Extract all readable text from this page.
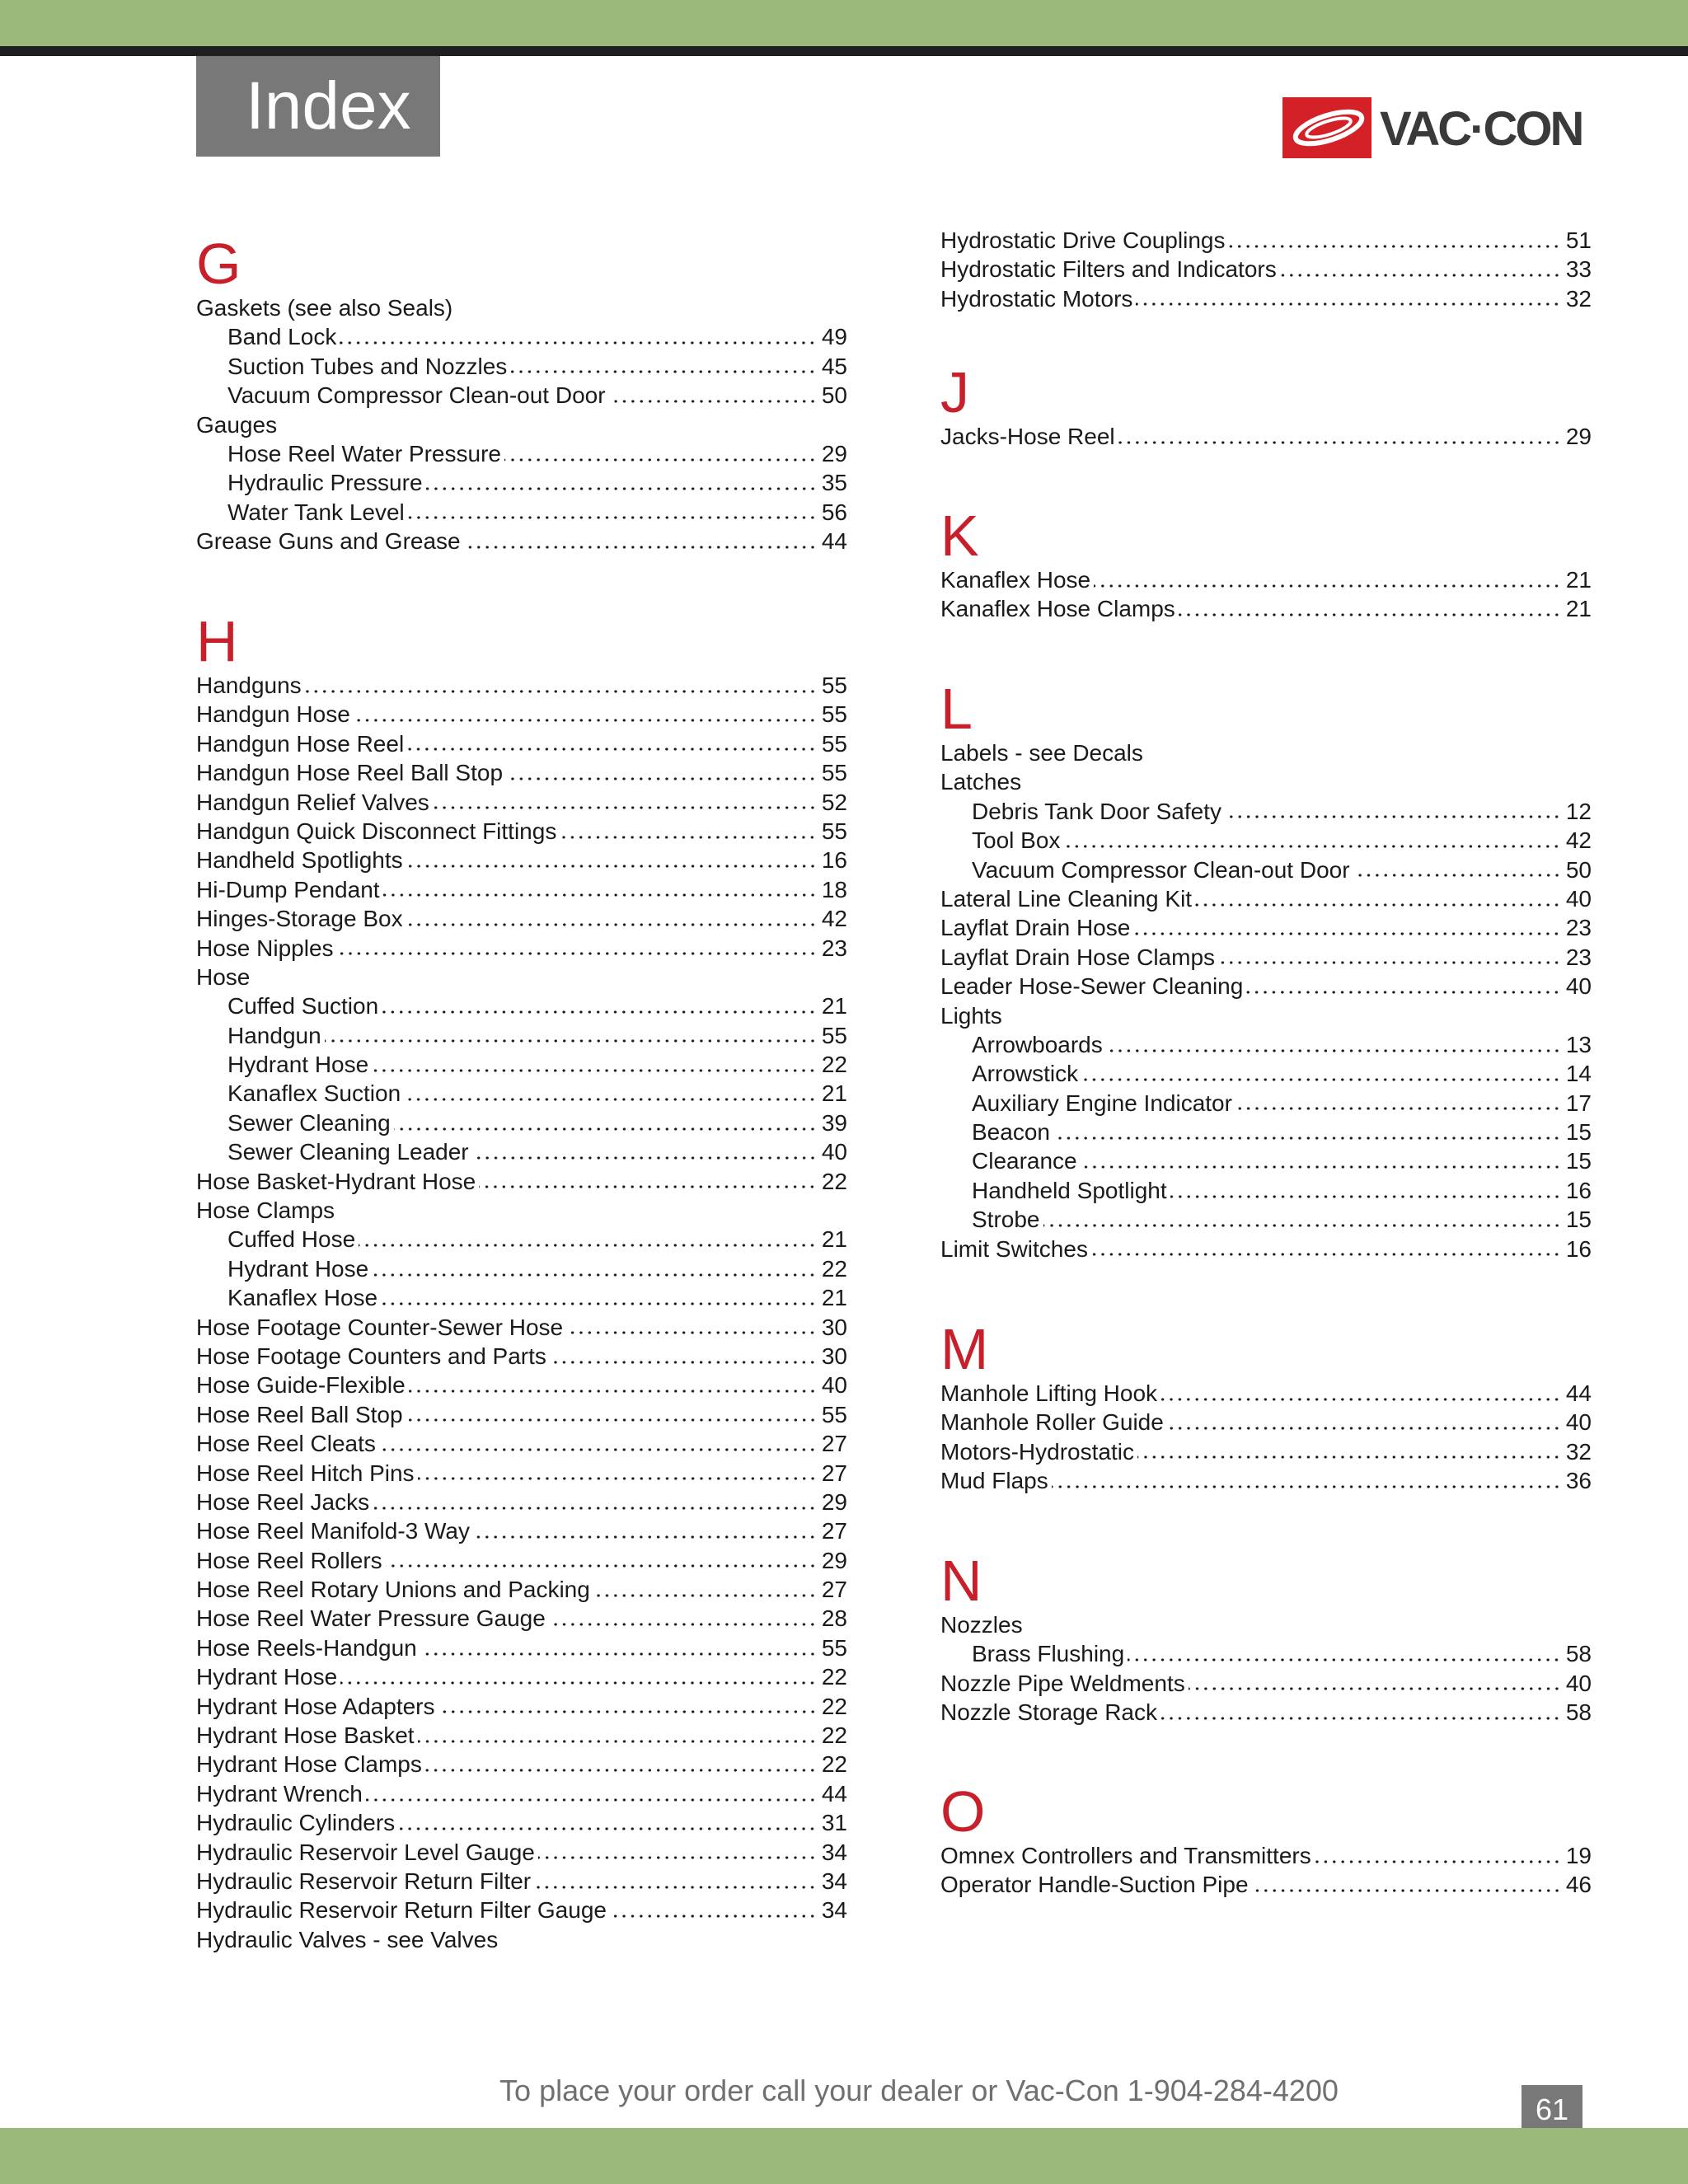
Index	VAC·CON
G
Gaskets (see also Seals)
Band Lock	49
Suction Tubes and Nozzles	45
Vacuum Compressor Clean-out Door	50
Gauges
Hose Reel Water Pressure	29
Hydraulic Pressure	35
Water Tank Level	56
Grease Guns and Grease	44
H
Handguns	55
Handgun Hose	55
Handgun Hose Reel	55
Handgun Hose Reel Ball Stop	55
Handgun Relief Valves	52
Handgun Quick Disconnect Fittings	55
Handheld Spotlights	16
Hi-Dump Pendant	18
Hinges-Storage Box	42
Hose Nipples	23
Hose
Cuffed Suction	21
Handgun	55
Hydrant Hose	22
Kanaflex Suction	21
Sewer Cleaning	39
Sewer Cleaning Leader	40
Hose Basket-Hydrant Hose	22
Hose Clamps
Cuffed Hose	21
Hydrant Hose	22
Kanaflex Hose	21
Hose Footage Counter-Sewer Hose	30
Hose Footage Counters and Parts	30
Hose Guide-Flexible	40
Hose Reel Ball Stop	55
Hose Reel Cleats	27
Hose Reel Hitch Pins	27
Hose Reel Jacks	29
Hose Reel Manifold-3 Way	27
Hose Reel Rollers	29
Hose Reel Rotary Unions and Packing	27
Hose Reel Water Pressure Gauge	28
Hose Reels-Handgun	55
Hydrant Hose	22
Hydrant Hose Adapters	22
Hydrant Hose Basket	22
Hydrant Hose Clamps	22
Hydrant Wrench	44
Hydraulic Cylinders	31
Hydraulic Reservoir Level Gauge	34
Hydraulic Reservoir Return Filter	34
Hydraulic Reservoir Return Filter Gauge	34
Hydraulic Valves - see Valves
Hydrostatic Drive Couplings	51
Hydrostatic Filters and Indicators	33
Hydrostatic Motors	32
J
Jacks-Hose Reel	29
K
Kanaflex Hose	21
Kanaflex Hose Clamps	21
L
Labels - see Decals
Latches
Debris Tank Door Safety	12
Tool Box	42
Vacuum Compressor Clean-out Door	50
Lateral Line Cleaning Kit	40
Layflat Drain Hose	23
Layflat Drain Hose Clamps	23
Leader Hose-Sewer Cleaning	40
Lights
Arrowboards	13
Arrowstick	14
Auxiliary Engine Indicator	17
Beacon	15
Clearance	15
Handheld Spotlight	16
Strobe	15
Limit Switches	16
M
Manhole Lifting Hook	44
Manhole Roller Guide	40
Motors-Hydrostatic	32
Mud Flaps	36
N
Nozzles
Brass Flushing	58
Nozzle Pipe Weldments	40
Nozzle Storage Rack	58
O
Omnex Controllers and Transmitters	19
Operator Handle-Suction Pipe	46
To place your order call your dealer or Vac-Con 1-904-284-4200
61
